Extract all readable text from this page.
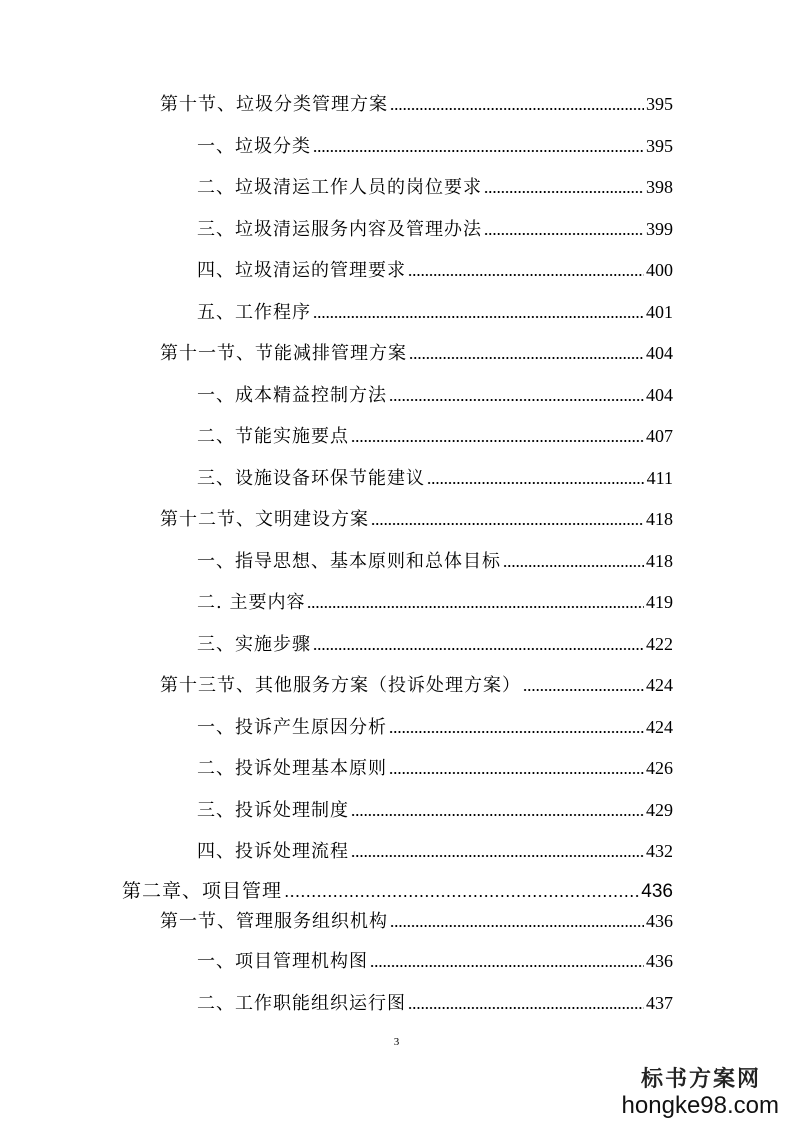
第十节、垃圾分类管理方案	395
一、垃圾分类	395
二、垃圾清运工作人员的岗位要求	398
三、垃圾清运服务内容及管理办法	399
四、垃圾清运的管理要求	400
五、工作程序	401
第十一节、节能减排管理方案	404
一、成本精益控制方法	404
二、节能实施要点	407
三、设施设备环保节能建议	411
第十二节、文明建设方案	418
一、指导思想、基本原则和总体目标	418
二. 主要内容	419
三、实施步骤	422
第十三节、其他服务方案（投诉处理方案）	424
一、投诉产生原因分析	424
二、投诉处理基本原则	426
三、投诉处理制度	429
四、投诉处理流程	432
第二章、项目管理	436
第一节、管理服务组织机构	436
一、项目管理机构图	436
二、工作职能组织运行图	437
3
标书方案网
hongke98.com
